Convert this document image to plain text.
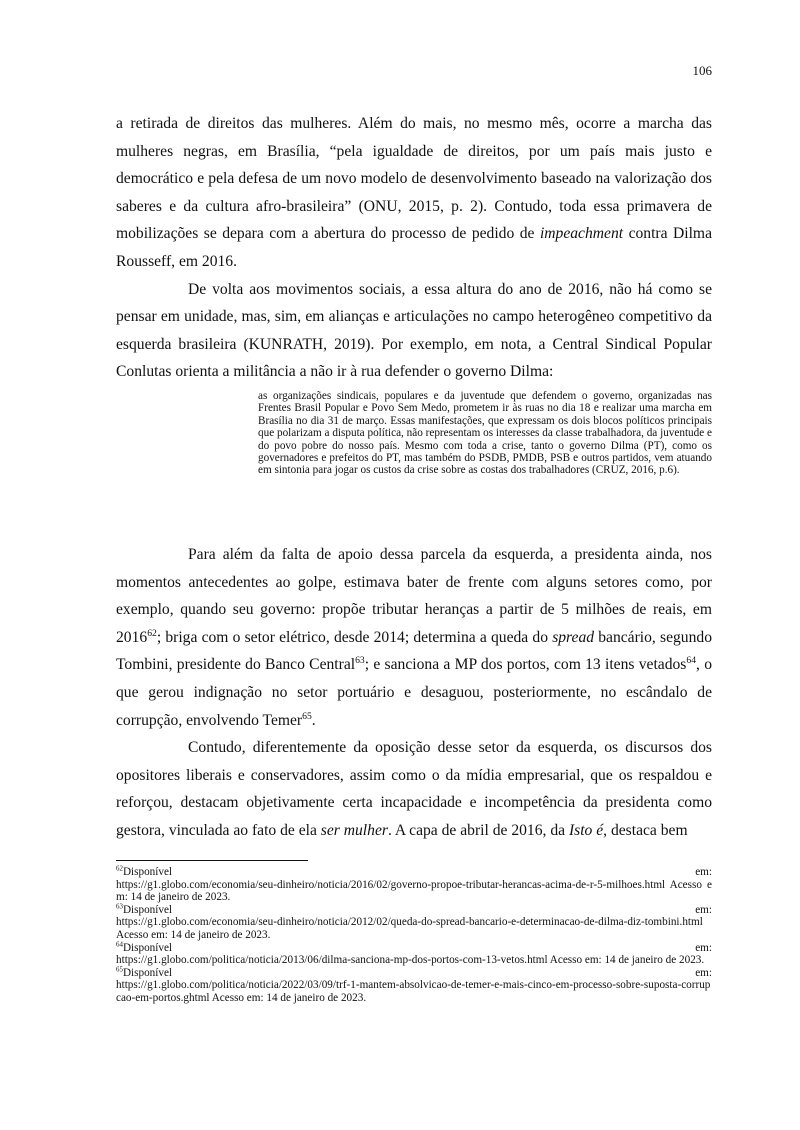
106

a retirada de direitos das mulheres. Além do mais, no mesmo mês, ocorre a marcha das mulheres negras, em Brasília, “pela igualdade de direitos, por um país mais justo e democrático e pela defesa de um novo modelo de desenvolvimento baseado na valorização dos saberes e da cultura afro-brasileira” (ONU, 2015, p. 2). Contudo, toda essa primavera de mobilizações se depara com a abertura do processo de pedido de impeachment contra Dilma Rousseff, em 2016.

De volta aos movimentos sociais, a essa altura do ano de 2016, não há como se pensar em unidade, mas, sim, em alianças e articulações no campo heterogêneo competitivo da esquerda brasileira (KUNRATH, 2019). Por exemplo, em nota, a Central Sindical Popular Conlutas orienta a militância a não ir à rua defender o governo Dilma:

as organizações sindicais, populares e da juventude que defendem o governo, organizadas nas Frentes Brasil Popular e Povo Sem Medo, prometem ir às ruas no dia 18 e realizar uma marcha em Brasília no dia 31 de março. Essas manifestações, que expressam os dois blocos políticos principais que polarizam a disputa política, não representam os interesses da classe trabalhadora, da juventude e do povo pobre do nosso país. Mesmo com toda a crise, tanto o governo Dilma (PT), como os governadores e prefeitos do PT, mas também do PSDB, PMDB, PSB e outros partidos, vem atuando em sintonia para jogar os custos da crise sobre as costas dos trabalhadores (CRUZ, 2016, p.6).

Para além da falta de apoio dessa parcela da esquerda, a presidenta ainda, nos momentos antecedentes ao golpe, estimava bater de frente com alguns setores como, por exemplo, quando seu governo: propõe tributar heranças a partir de 5 milhões de reais, em 2016$^{62}$; briga com o setor elétrico, desde 2014; determina a queda do spread bancário, segundo Tombini, presidente do Banco Central$^{63}$; e sanciona a MP dos portos, com 13 itens vetados$^{64}$, o que gerou indignação no setor portuário e desaguou, posteriormente, no escândalo de corrupção, envolvendo Temer$^{65}$.

Contudo, diferentemente da oposição desse setor da esquerda, os discursos dos opositores liberais e conservadores, assim como o da mídia empresarial, que os respaldou e reforçou, destacam objetivamente certa incapacidade e incompetência da presidenta como gestora, vinculada ao fato de ela ser mulher. A capa de abril de 2016, da Isto é, destaca bem

$^{62}$Disponível	em:
https://g1.globo.com/economia/seu-dinheiro/noticia/2016/02/governo-propoe-tributar-herancas-acima-de-r-5-milhoes.html Acesso em: 14 de janeiro de 2023.
$^{63}$Disponível	em:
https://g1.globo.com/economia/seu-dinheiro/noticia/2012/02/queda-do-spread-bancario-e-determinacao-de-dilma-diz-tombini.html Acesso em: 14 de janeiro de 2023.
$^{64}$Disponível	em:
https://g1.globo.com/politica/noticia/2013/06/dilma-sanciona-mp-dos-portos-com-13-vetos.html Acesso em: 14 de janeiro de 2023.
$^{65}$Disponível	em:
https://g1.globo.com/politica/noticia/2022/03/09/trf-1-mantem-absolvicao-de-temer-e-mais-cinco-em-processo-sobre-suposta-corrupcao-em-portos.ghtml Acesso em: 14 de janeiro de 2023.
